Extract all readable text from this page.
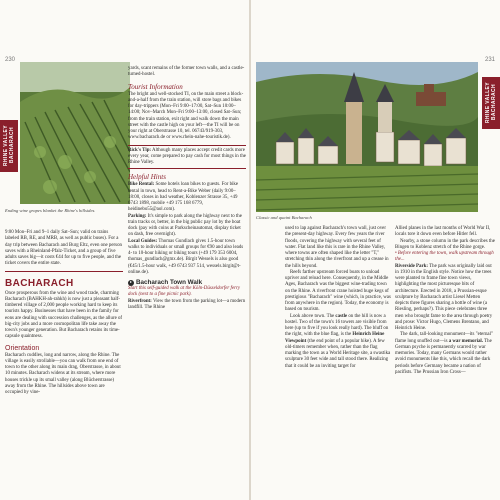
230
RHINE VALLEY
BACHARACH
Ending wine grapes blanket the Rhine's hillsides.

9:00 Mon–Fri and 9–1 daily Sat–Sun; valid on trains labeled RB, RE, and MRB, as well as public buses). For a day trip between Bacharach and Burg Eltz, even one person saves with a Rheinland-Pfalz-Ticket, and a group of five adults saves big—it costs €44 for up to five people, and the ticket covers the entire state.

BACHARACH

Once prosperous from the wine and wood trade, charming Bacharach (BAHKH-ah-rahkh) is now just a pleasant half-timbered village of 2,000 people working hard to keep its tourists happy. Businesses that have been in the family for eons are dealing with succession challenges, as the allure of big-city jobs and a more cosmopolitan life take away the town's younger generation. But Bacharach retains its time-capsule quaintness.

Orientation

Bacharach cuddles, long and narrow, along the Rhine. The village is easily strollable—you can walk from one end of town to the other along its main drag, Oberstrasse, in about 10 minutes. Bacharach widens at its stream, where more houses trickle up its small valley (along Blücherstrasse) away from the Rhine. The hillsides above town are occupied by vine-

yards, scant remains of the former town walls, and a castle-turned-hostel.

Tourist Information

The bright and well-stocked TI, on the main street a block-and-a-half from the train station, will store bags and bikes for day-trippers (Mon–Fri 9:00–17:00, Sat–Sun 10:00–14:00; Nov–March Mon–Fri 9:00–13:00, closed Sat–Sun; from the train station, exit right and walk down the main street with the castle high on your left—the TI will be on your right at Oberstrasse 10, tel. 06743/919-303, www.bacharach.de or www.rhein-nahe-touristik.de).

Rick's Tip: Although many places accept credit cards more every year, come prepared to pay cash for most things in the Rhine Valley.
Helpful Hints

Bike Rental: Some hotels loan bikes to guests. For bike rental in town, head to Rent-a-Bike Weber (daily 9:00–18:00, closes in bad weather, Koblenzer Strasse 35, +49 6743 1898, mobile +49 175 168 6779, heidinebo55@aol.com).

Parking: It's simple to park along the highway next to the train tracks or, better, in the big public pay lot by the boat dock (pay with coins at Parkscheinautomat, display ticket on dash, free overnight).

Local Guides: Thomas Gundlach gives 1.5-hour town walks to individuals or small groups for €90 and also leads 4- to 10-hour hiking or biking tours (+49 179 353 6004, thomas_gundlach@gmx.de). Birgit Wessels is also good (€45/1.5-hour walk, +49 6743 937 514, wessels.birgit@t-online.de).

Bacharach Town Walk

Start this self-guided walk at the Köln-Düsseldorfer ferry dock (next to a fine picnic park).

Riverfront: View the town from the parking lot—a modern landfill. The Rhine

231
RHINE VALLEY
BACHARACH
Classic and quaint Bacharach

used to lap against Bacharach's town wall, just over the present-day highway. Every few years the river floods, covering the highway with several feet of water. Flat land like this is rare in the Rhine Valley, where towns are often shaped like the letter "T," stretching thin along the riverfront and up a crease in the hills beyond.

Reefs farther upstream forced boats to unload upriver and reload here. Consequently, in the Middle Ages, Bacharach was the biggest wine-trading town on the Rhine. A riverfront crane hoisted huge kegs of prestigious "Bacharach" wine (which, in practice, was from anywhere in the region). Today, the economy is based on tourism.

Look above town. The castle on the hill is now a hostel. Two of the town's 16 towers are visible from here (up to five if you look really hard). The bluff on the right, with the blue flag, is the Heinrich Heine Viewpoint (the end point of a popular hike). A few old-timers remember when, rather than the flag marking the town as a World Heritage site, a swastika sculpture 30 feet wide and tall stood there. Realizing that it could be an inviting target for

Allied planes in the last months of World War II, locals tore it down even before Hitler fell.

Nearby, a stone column in the park describes the Bingen to Koblenz stretch of the Rhine gorge.

• Before entering the town, walk upstream through the...

Riverside Park: The park was originally laid out in 1910 in the English style. Notice how the trees were planted to frame fine town views, highlighting the most picturesque bits of architecture. Erected in 2018, a Prussian-esque sculpture by Bacharach artist Liesel Metten depicts three figures sharing a bottle of wine (a Riesling, perhaps?). This piece celebrates three men who brought fame to the area through poetry and prose: Victor Hugo, Clemens Brentano, and Heinrich Heine.

The dark, tall-looking monument—its "eternal" flame long snuffed out—is a war memorial. The German psyche is permanently scarred by war memories. Today, many Germans would rather avoid monuments like this, which recall the dark periods before Germany became a nation of pacifists. The Prussian Iron Cross—
